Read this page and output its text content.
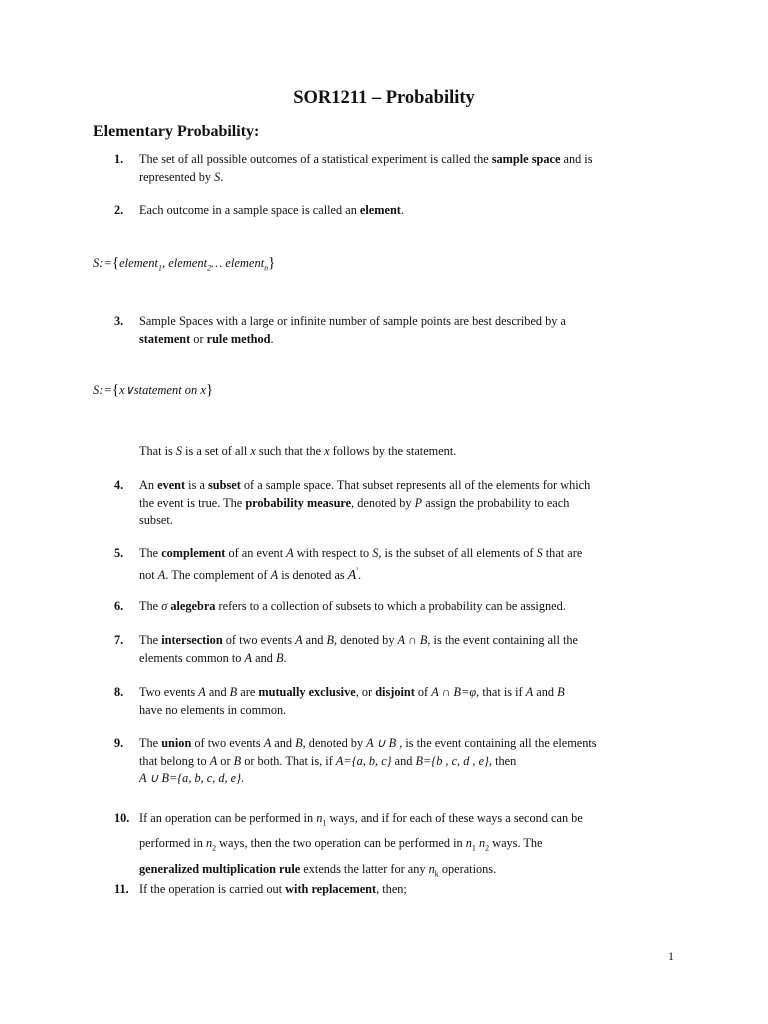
SOR1211 – Probability
Elementary Probability:
1.	The set of all possible outcomes of a statistical experiment is called the sample space and is
represented by S.
2.	Each outcome in a sample space is called an element.
S:={element$_1$, element$_2$… element$_n$}
3.	Sample Spaces with a large or infinite number of sample points are best described by a
statement or rule method.
S:={x∨statement on x}
That is S is a set of all x such that the x follows by the statement.
4.	An event is a subset of a sample space. That subset represents all of the elements for which
the event is true. The probability measure, denoted by P assign the probability to each
subset.
5.	The complement of an event A with respect to S, is the subset of all elements of S that are
not A. The complement of A is denoted as A'.
6.	The σ alegebra refers to a collection of subsets to which a probability can be assigned.
7.	The intersection of two events A and B, denoted by A ∩ B, is the event containing all the
elements common to A and B.
8.	Two events A and B are mutually exclusive, or disjoint of A ∩ B=φ, that is if A and B
have no elements in common.
9.	The union of two events A and B, denoted by A ∪ B , is the event containing all the elements
that belong to A or B or both. That is, if A={a, b, c} and B={b , c, d , e}, then
A ∪ B={a, b, c, d, e}.
10. If an operation can be performed in $n_1$ ways, and if for each of these ways a second can be
performed in $n_2$ ways, then the two operation can be performed in $n_1$ $n_2$ ways. The
generalized multiplication rule extends the latter for any $n_k$ operations.
11. If the operation is carried out with replacement, then;
1
